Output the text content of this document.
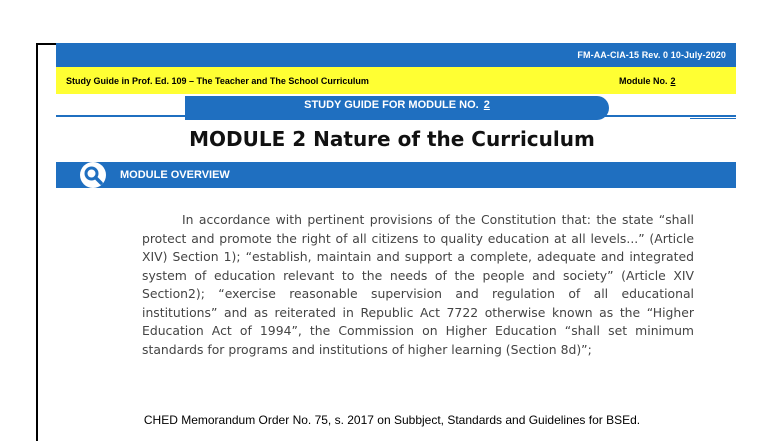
FM-AA-CIA-15 Rev. 0 10-July-2020
Study Guide in Prof. Ed. 109 – The Teacher and The School Curriculum	Module No. 2
STUDY GUIDE FOR MODULE NO. 2
MODULE 2 Nature of the Curriculum
MODULE OVERVIEW

In accordance with pertinent provisions of the Constitution that: the state “shall protect and promote the right of all citizens to quality education at all levels...” (Article XIV) Section 1); “establish, maintain and support a complete, adequate and integrated system of education relevant to the needs of the people and society” (Article XIV Section2); “exercise reasonable supervision and regulation of all educational institutions” and as reiterated in Republic Act 7722 otherwise known as the “Higher Education Act of 1994”, the Commission on Higher Education “shall set minimum standards for programs and institutions of higher learning (Section 8d)”;

CHED Memorandum Order No. 75, s. 2017 on Subbject, Standards and Guidelines for BSEd.
